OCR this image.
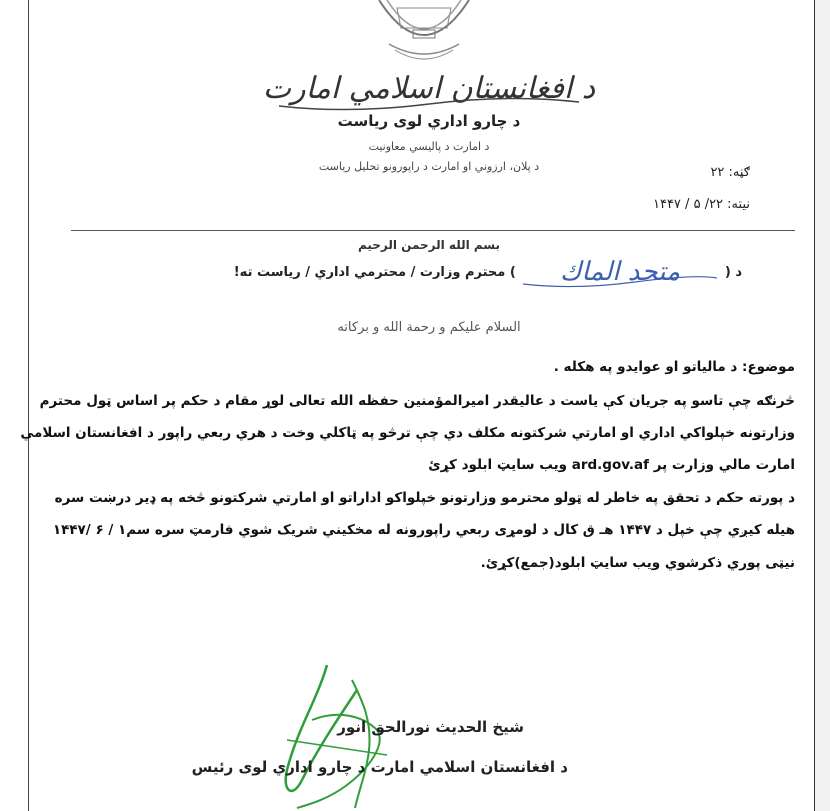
د افغانستان اسلامي امارت
د چارو اداري لوی رياست
د امارت د پالیسي معاونيت
د پلان، ارزوني او امارت د راپورونو تحليل رياست	ګڼه: ۲۲
نیته: ۲۲/ ۵ / ۱۴۴۷
بسم الله الرحمن الرحيم
د (  ) محترم وزارت / محترمي اداري / رياست ته!	متحد الماك
السلام عليكم و رحمة الله و بركاته
موضوع: د مالياتو او عوايدو په هکله .
څرنګه چې تاسو په جريان کې ياست د عاليقدر اميرالمؤمنين حفظه الله تعالى لوړ مقام د حکم پر اساس ټول محترم
وزارتونه خپلواکي اداري او امارتي شرکتونه مکلف دي چې ترڅو په ټاکلي وخت د هري ربعي راپور د افغانستان اسلامي
امارت مالي وزارت پر ard.gov.af ويب سايټ ابلود کړئ
د پورته حکم د تحقق په خاطر له ټولو محترمو وزارتونو خپلواکو اداراتو او امارتي شرکتونو څخه په ډير درښت سره
هيله کيږي چې خپل د ۱۴۴۷ هـ ق کال د لومړی ربعي راپورونه له مخکيني شريک شوي فارمټ سره سم۱ / ۶ /۱۴۴۷
نيټی پوري ذکرشوي ويب سايټ ابلود(جمع)کړئ.
شيخ الحديث نورالحق انور
د افغانستان اسلامي امارت د چارو اداري لوی رئيس
